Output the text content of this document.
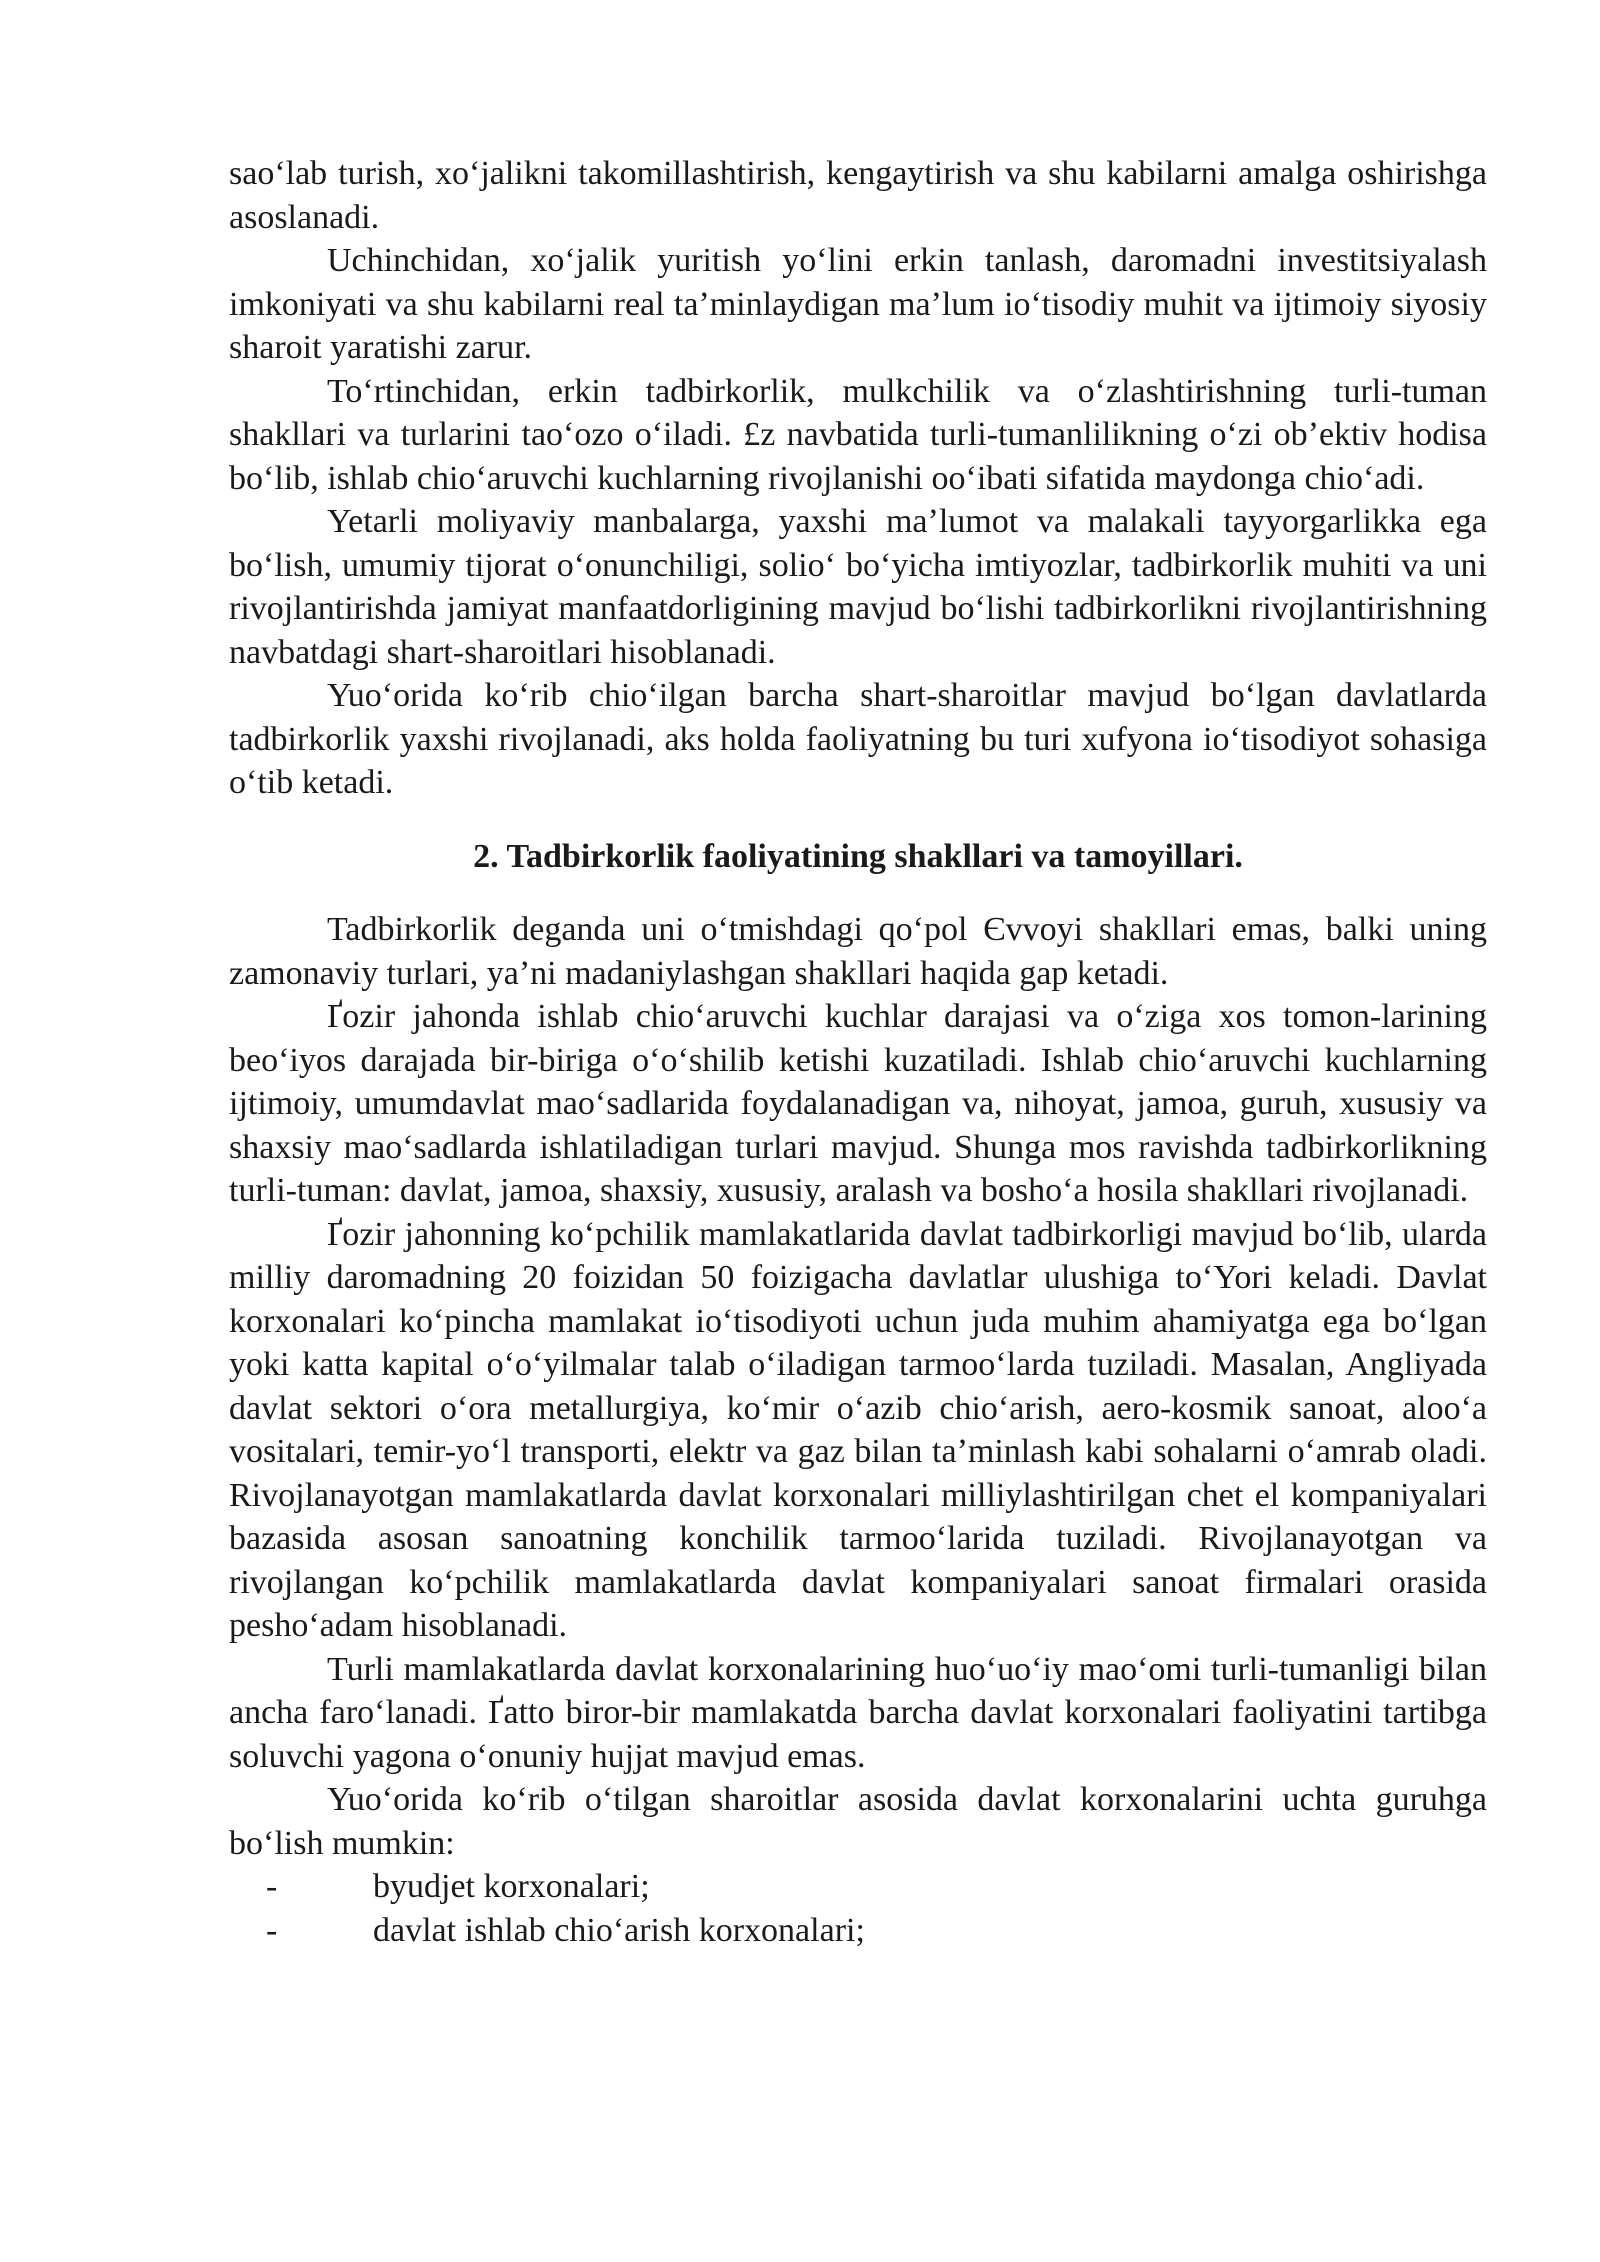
saoʻlab turish, xoʻjalikni takomillashtirish, kengaytirish va shu kabilarni amalga oshirishga asoslanadi.

Uchinchidan, xoʻjalik yuritish yoʻlini erkin tanlash, daromadni investitsiyalash imkoniyati va shu kabilarni real taʼminlaydigan maʼlum ioʻtisodiy muhit va ijtimoiy siyosiy sharoit yaratishi zarur.

Toʻrtinchidan, erkin tadbirkorlik, mulkchilik va oʻzlashtirishning turli-tuman shakllari va turlarini taoʻozo oʻiladi. £z navbatida turli-tumanlilikning oʻzi obʼektiv hodisa boʻlib, ishlab chioʻaruvchi kuchlarning rivojlanishi ooʻibati sifatida maydonga chioʻadi.

Yetarli moliyaviy manbalarga, yaxshi maʼlumot va malakali tayyorgarlikka ega boʻlish, umumiy tijorat oʻonunchiligi, solioʻ boʻyicha imtiyozlar, tadbirkorlik muhiti va uni rivojlantirishda jamiyat manfaatdorligining mavjud boʻlishi tadbirkorlikni rivojlantirishning navbatdagi shart-sharoitlari hisoblanadi.

Yuoʻorida koʻrib chioʻilgan barcha shart-sharoitlar mavjud boʻlgan davlatlarda tadbirkorlik yaxshi rivojlanadi, aks holda faoliyatning bu turi xufyona ioʻtisodiyot sohasiga oʻtib ketadi.

2. Tadbirkorlik faoliyatining shakllari va tamoyillari.

Tadbirkorlik deganda uni oʻtmishdagi qoʻpol Єvvoyi shakllari emas, balki uning zamonaviy turlari, yaʼni madaniylashgan shakllari haqida gap ketadi.

Ґozir jahonda ishlab chioʻaruvchi kuchlar darajasi va oʻziga xos tomon-larining beoʻiyos darajada bir-biriga oʻoʻshilib ketishi kuzatiladi. Ishlab chioʻaruvchi kuchlarning ijtimoiy, umumdavlat maoʻsadlarida foydalanadigan va, nihoyat, jamoa, guruh, xususiy va shaxsiy maoʻsadlarda ishlatiladigan turlari mavjud. Shunga mos ravishda tadbirkorlikning turli-tuman: davlat, jamoa, shaxsiy, xususiy, aralash va boshoʻa hosila shakllari rivojlanadi.

Ґozir jahonning koʻpchilik mamlakatlarida davlat tadbirkorligi mavjud boʻlib, ularda milliy daromadning 20 foizidan 50 foizigacha davlatlar ulushiga toʻYori keladi. Davlat korxonalari koʻpincha mamlakat ioʻtisodiyoti uchun juda muhim ahamiyatga ega boʻlgan yoki katta kapital oʻoʻyilmalar talab oʻiladigan tarmooʻlarda tuziladi. Masalan, Angliyada davlat sektori oʻora metallurgiya, koʻmir oʻazib chioʻarish, aero-kosmik sanoat, alooʻa vositalari, temir-yoʻl transporti, elektr va gaz bilan taʼminlash kabi sohalarni oʻamrab oladi. Rivojlanayotgan mamlakatlarda davlat korxonalari milliylashtirilgan chet el kompaniyalari bazasida asosan sanoatning konchilik tarmooʻlarida tuziladi. Rivojlanayotgan va rivojlangan koʻpchilik mamlakatlarda davlat kompaniyalari sanoat firmalari orasida peshoʻadam hisoblanadi.

Turli mamlakatlarda davlat korxonalarining huoʻuoʻiy maoʻomi turli-tumanligi bilan ancha faroʻlanadi. Ґatto biror-bir mamlakatda barcha davlat korxonalari faoliyatini tartibga soluvchi yagona oʻonuniy hujjat mavjud emas.

Yuoʻorida koʻrib oʻtilgan sharoitlar asosida davlat korxonalarini uchta guruhga boʻlish mumkin:

-	byudjet korxonalari;
-	davlat ishlab chioʻarish korxonalari;
